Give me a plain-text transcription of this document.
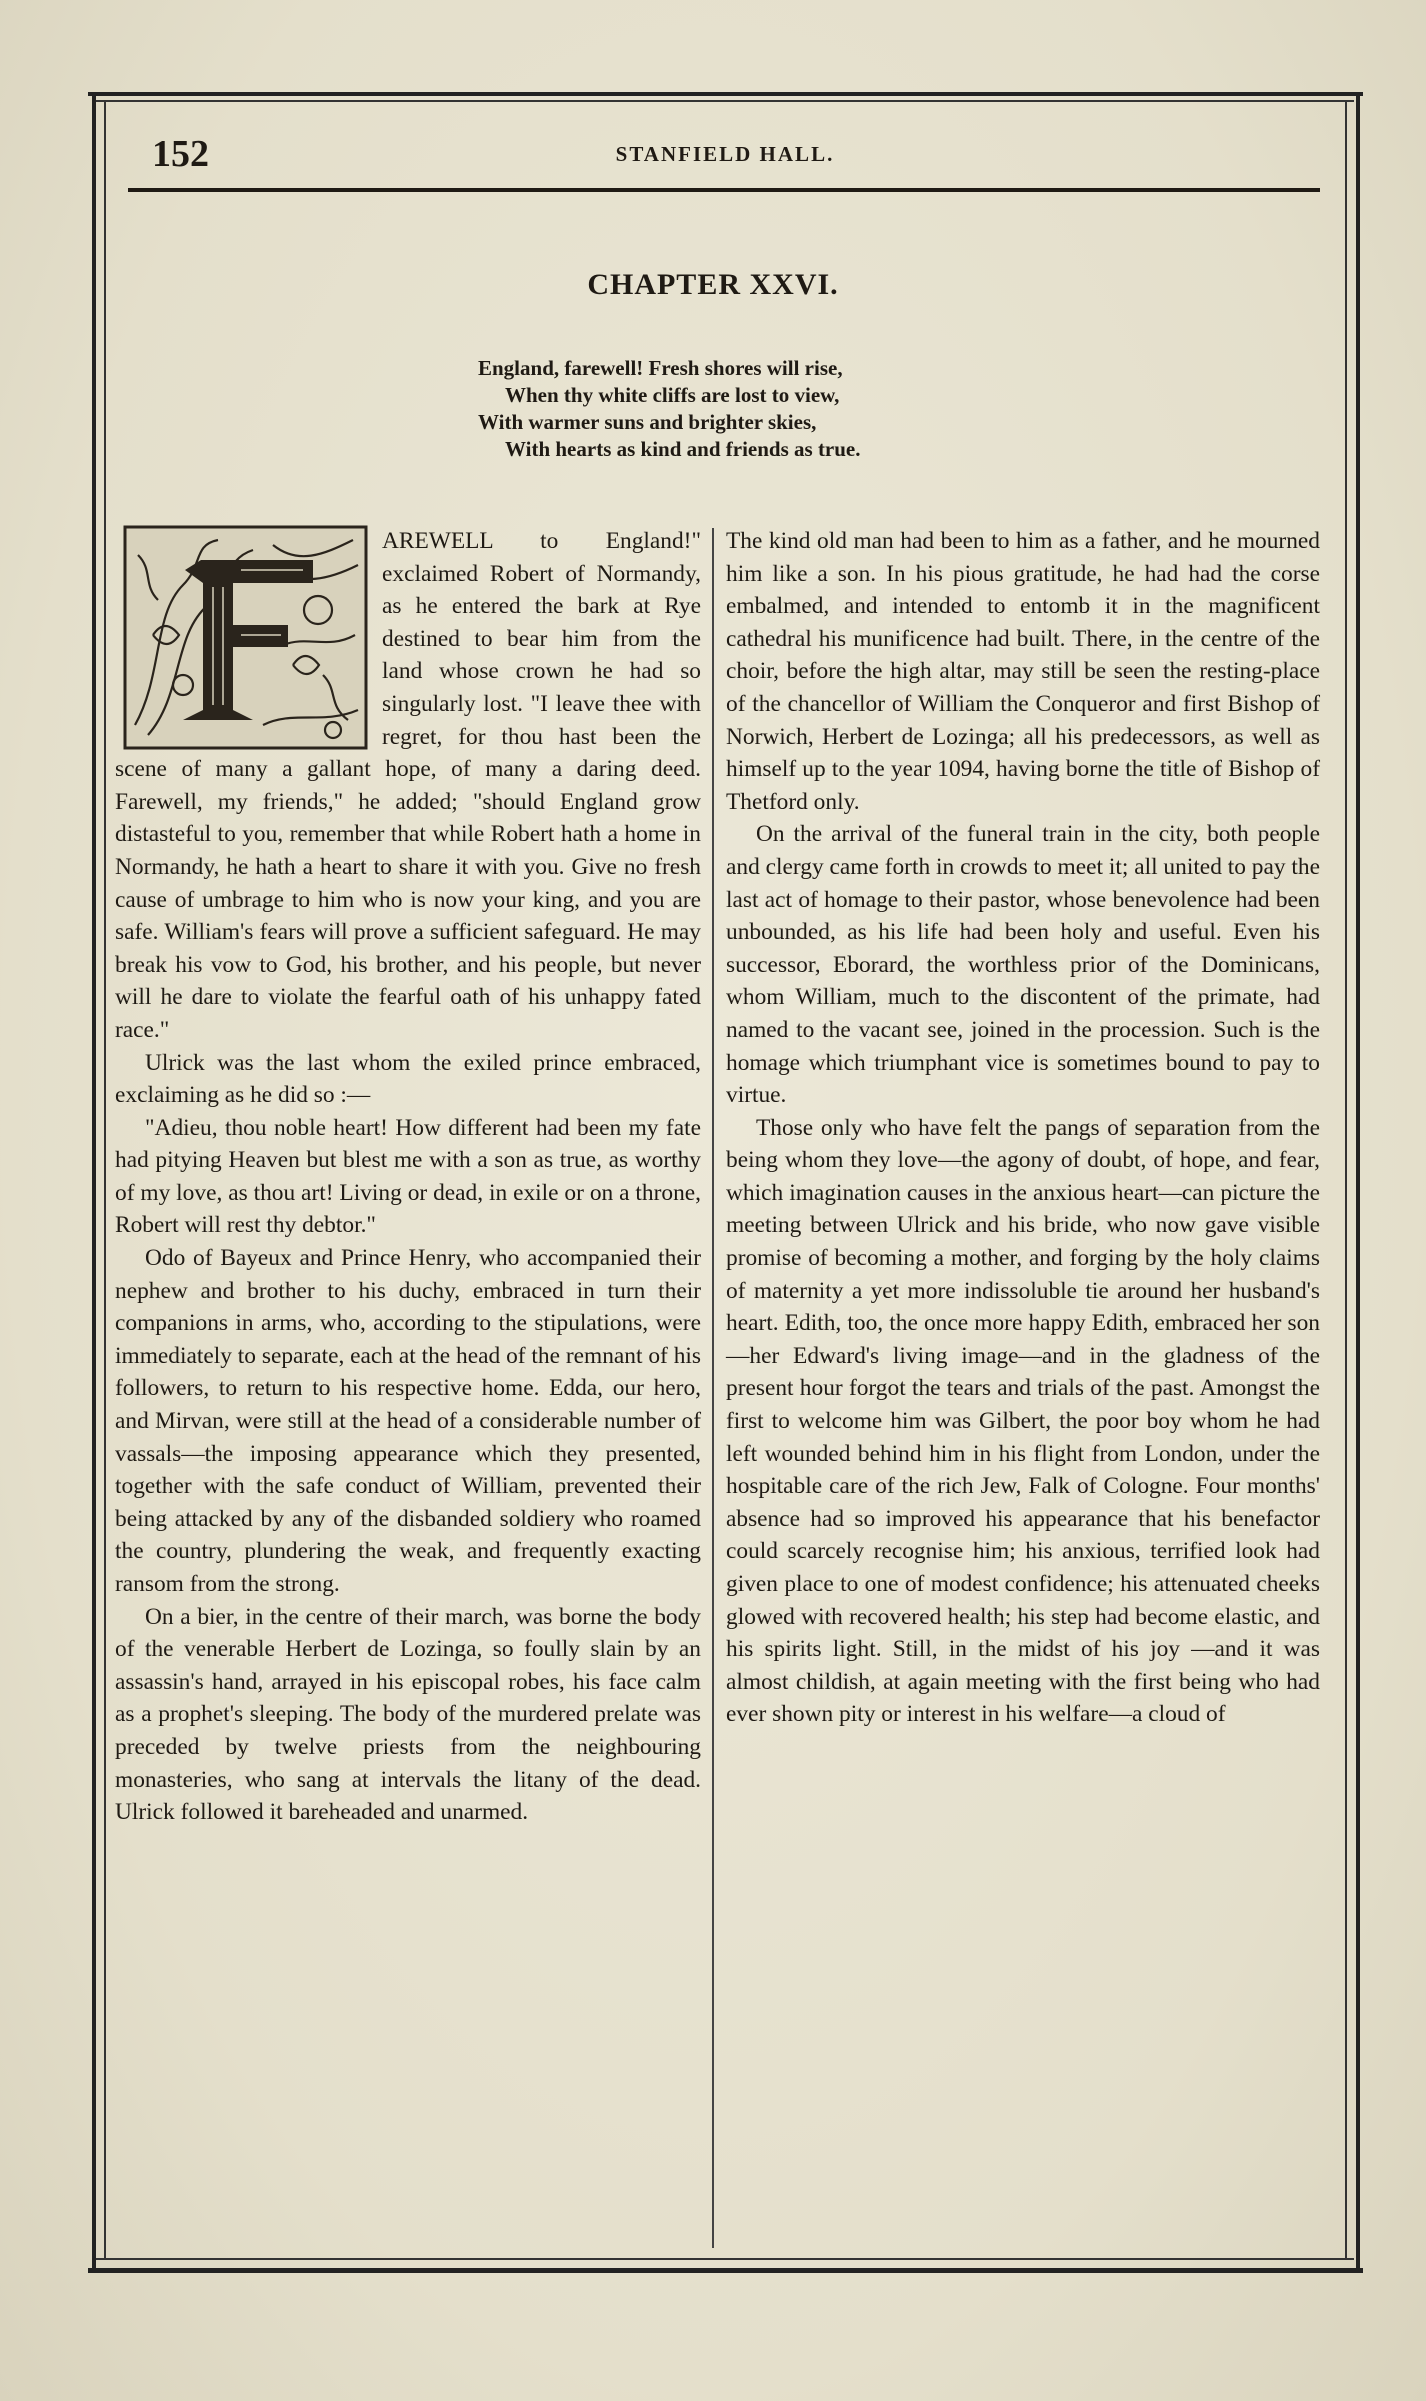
152	STANFIELD HALL.
CHAPTER XXVI.
England, farewell! Fresh shores will rise,
When thy white cliffs are lost to view,
With warmer suns and brighter skies,
With hearts as kind and friends as true.

AREWELL to England!" exclaimed Robert of Normandy, as he entered the bark at Rye destined to bear him from the land whose crown he had so singularly lost. "I leave thee with regret, for thou hast been the scene of many a gallant hope, of many a daring deed. Farewell, my friends," he added; "should England grow distasteful to you, remember that while Robert hath a home in Normandy, he hath a heart to share it with you. Give no fresh cause of umbrage to him who is now your king, and you are safe. William's fears will prove a sufficient safeguard. He may break his vow to God, his brother, and his people, but never will he dare to violate the fearful oath of his unhappy fated race."

Ulrick was the last whom the exiled prince embraced, exclaiming as he did so :—

"Adieu, thou noble heart! How different had been my fate had pitying Heaven but blest me with a son as true, as worthy of my love, as thou art! Living or dead, in exile or on a throne, Robert will rest thy debtor."

Odo of Bayeux and Prince Henry, who accompanied their nephew and brother to his duchy, embraced in turn their companions in arms, who, according to the stipulations, were immediately to separate, each at the head of the remnant of his followers, to return to his respective home. Edda, our hero, and Mirvan, were still at the head of a considerable number of vassals—the imposing appearance which they presented, together with the safe conduct of William, prevented their being attacked by any of the disbanded soldiery who roamed the country, plundering the weak, and frequently exacting ransom from the strong.

On a bier, in the centre of their march, was borne the body of the venerable Herbert de Lozinga, so foully slain by an assassin's hand, arrayed in his episcopal robes, his face calm as a prophet's sleeping. The body of the murdered prelate was preceded by twelve priests from the neighbouring monasteries, who sang at intervals the litany of the dead. Ulrick followed it bareheaded and unarmed.

The kind old man had been to him as a father, and he mourned him like a son. In his pious gratitude, he had had the corse embalmed, and intended to entomb it in the magnificent cathedral his munificence had built. There, in the centre of the choir, before the high altar, may still be seen the resting-place of the chancellor of William the Conqueror and first Bishop of Norwich, Herbert de Lozinga; all his predecessors, as well as himself up to the year 1094, having borne the title of Bishop of Thetford only.

On the arrival of the funeral train in the city, both people and clergy came forth in crowds to meet it; all united to pay the last act of homage to their pastor, whose benevolence had been unbounded, as his life had been holy and useful. Even his successor, Eborard, the worthless prior of the Dominicans, whom William, much to the discontent of the primate, had named to the vacant see, joined in the procession. Such is the homage which triumphant vice is sometimes bound to pay to virtue.

Those only who have felt the pangs of separation from the being whom they love—the agony of doubt, of hope, and fear, which imagination causes in the anxious heart—can picture the meeting between Ulrick and his bride, who now gave visible promise of becoming a mother, and forging by the holy claims of maternity a yet more indissoluble tie around her husband's heart. Edith, too, the once more happy Edith, embraced her son—her Edward's living image—and in the gladness of the present hour forgot the tears and trials of the past. Amongst the first to welcome him was Gilbert, the poor boy whom he had left wounded behind him in his flight from London, under the hospitable care of the rich Jew, Falk of Cologne. Four months' absence had so improved his appearance that his benefactor could scarcely recognise him; his anxious, terrified look had given place to one of modest confidence; his attenuated cheeks glowed with recovered health; his step had become elastic, and his spirits light. Still, in the midst of his joy —and it was almost childish, at again meeting with the first being who had ever shown pity or interest in his welfare—a cloud of
